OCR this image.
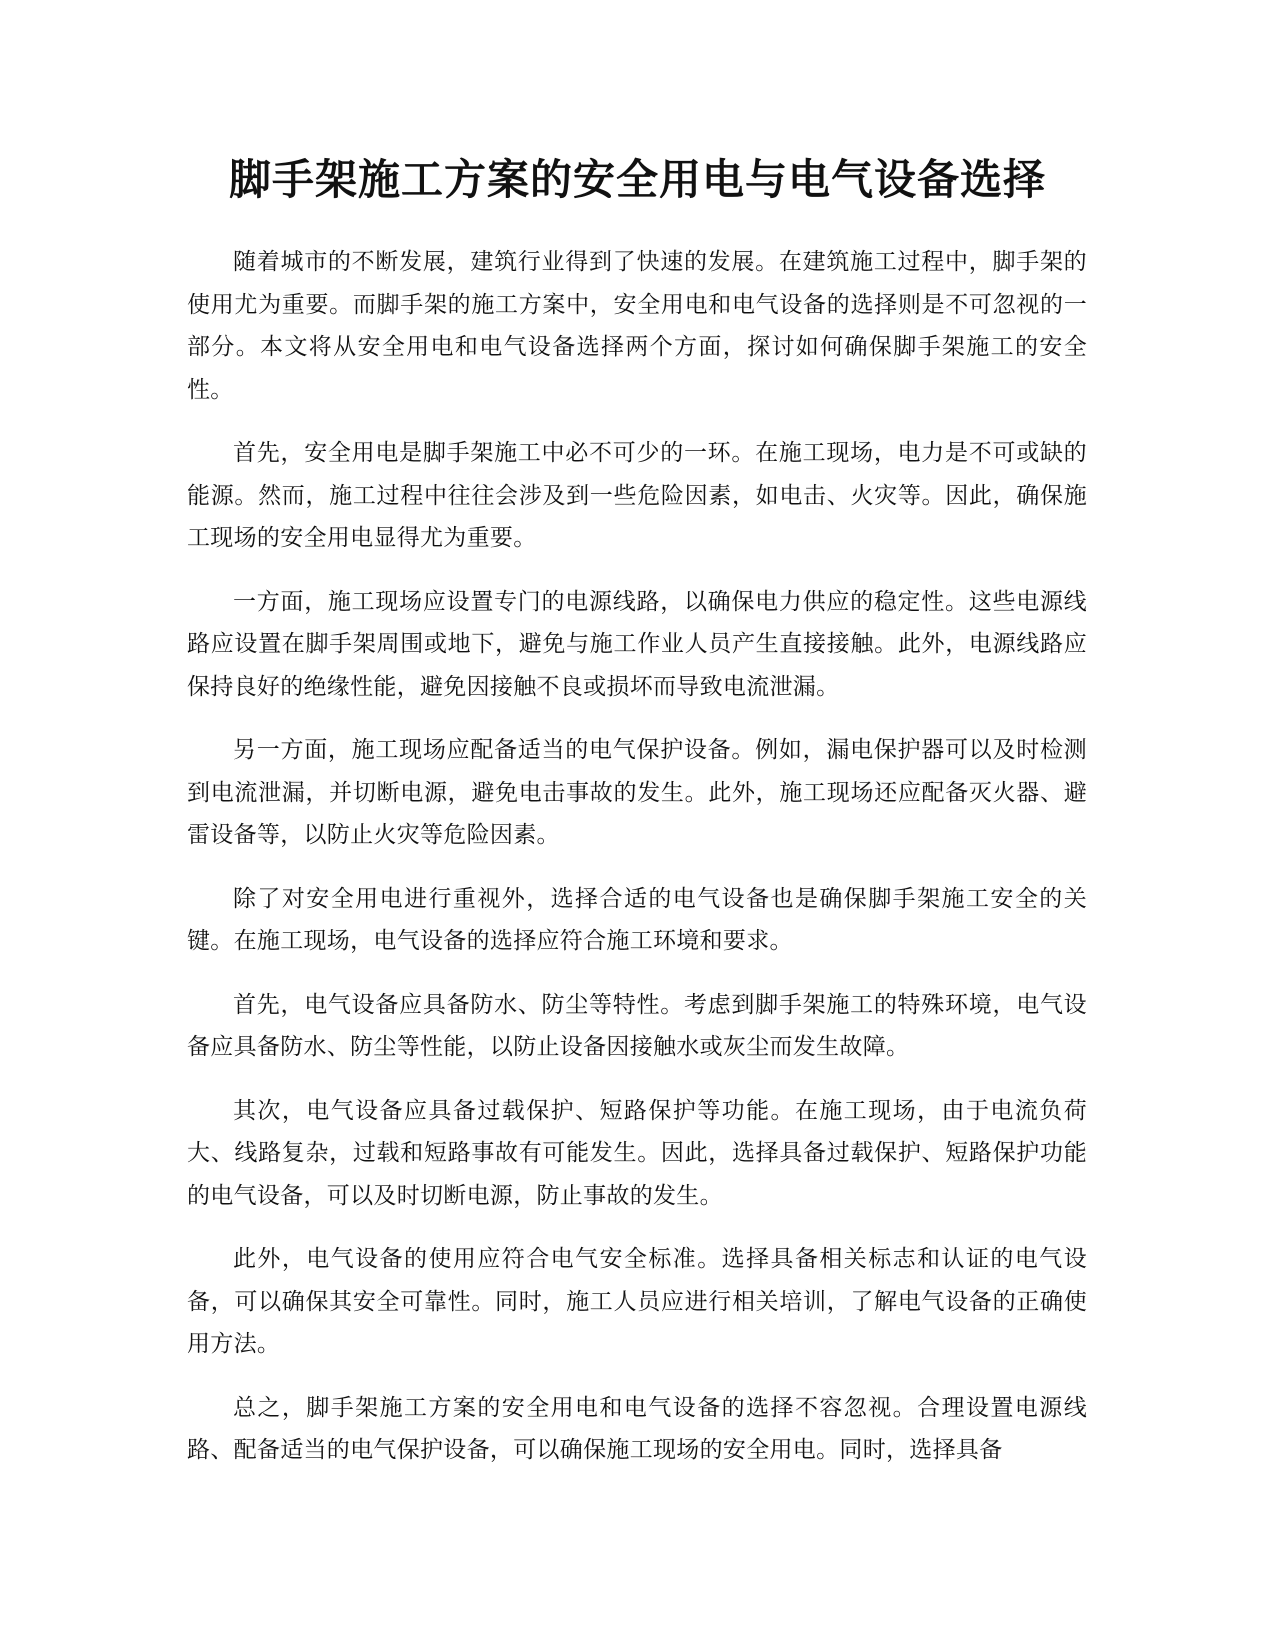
脚手架施工方案的安全用电与电气设备选择

随着城市的不断发展，建筑行业得到了快速的发展。在建筑施工过程中，脚手架的使用尤为重要。而脚手架的施工方案中，安全用电和电气设备的选择则是不可忽视的一部分。本文将从安全用电和电气设备选择两个方面，探讨如何确保脚手架施工的安全性。

首先，安全用电是脚手架施工中必不可少的一环。在施工现场，电力是不可或缺的能源。然而，施工过程中往往会涉及到一些危险因素，如电击、火灾等。因此，确保施工现场的安全用电显得尤为重要。

一方面，施工现场应设置专门的电源线路，以确保电力供应的稳定性。这些电源线路应设置在脚手架周围或地下，避免与施工作业人员产生直接接触。此外，电源线路应保持良好的绝缘性能，避免因接触不良或损坏而导致电流泄漏。

另一方面，施工现场应配备适当的电气保护设备。例如，漏电保护器可以及时检测到电流泄漏，并切断电源，避免电击事故的发生。此外，施工现场还应配备灭火器、避雷设备等，以防止火灾等危险因素。

除了对安全用电进行重视外，选择合适的电气设备也是确保脚手架施工安全的关键。在施工现场，电气设备的选择应符合施工环境和要求。

首先，电气设备应具备防水、防尘等特性。考虑到脚手架施工的特殊环境，电气设备应具备防水、防尘等性能，以防止设备因接触水或灰尘而发生故障。

其次，电气设备应具备过载保护、短路保护等功能。在施工现场，由于电流负荷大、线路复杂，过载和短路事故有可能发生。因此，选择具备过载保护、短路保护功能的电气设备，可以及时切断电源，防止事故的发生。

此外，电气设备的使用应符合电气安全标准。选择具备相关标志和认证的电气设备，可以确保其安全可靠性。同时，施工人员应进行相关培训，了解电气设备的正确使用方法。

总之，脚手架施工方案的安全用电和电气设备的选择不容忽视。合理设置电源线路、配备适当的电气保护设备，可以确保施工现场的安全用电。同时，选择具备
